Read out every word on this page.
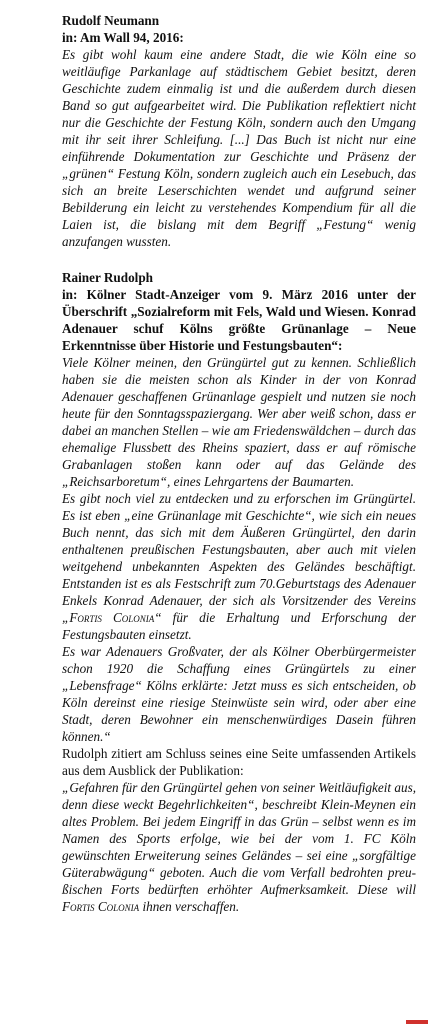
Rudolf Neumann
in: Am Wall 94, 2016:

Es gibt wohl kaum eine andere Stadt, die wie Köln eine so weitläufige Parkanlage auf städtischem Gebiet besitzt, deren Geschichte zudem einmalig ist und die außerdem durch diesen Band so gut aufgearbeitet wird. Die Publikation reflektiert nicht nur die Geschichte der Festung Köln, sondern auch den Umgang mit ihr seit ihrer Schleifung. [...] Das Buch ist nicht nur eine einführende Dokumentation zur Geschichte und Präsenz der „grünen“ Festung Köln, sondern zugleich auch ein Lesebuch, das sich an breite Leserschichten wendet und aufgrund seiner Bebilderung ein leicht zu verstehendes Kompendium für all die Laien ist, die bislang mit dem Begriff „Festung“ wenig anzufangen wussten.

Rainer Rudolph

in: Kölner Stadt-Anzeiger vom 9. März 2016 unter der Überschrift „Sozialreform mit Fels, Wald und Wiesen. Konrad Adenauer schuf Kölns größte Grünanlage – Neue Erkenntnisse über Historie und Festungsbauten“:

Viele Kölner meinen, den Grüngürtel gut zu kennen. Schließlich haben sie die meisten schon als Kinder in der von Konrad Adenauer geschaffenen Grünanlage gespielt und nutzen sie noch heute für den Sonntagsspaziergang. Wer aber weiß schon, dass er dabei an manchen Stellen – wie am Friedenswäldchen – durch das ehemalige Flussbett des Rheins spaziert, dass er auf römische Grabanlagen stoßen kann oder auf das Gelände des „Reichsarboretum“, eines Lehrgartens der Baumarten.

Es gibt noch viel zu entdecken und zu erforschen im Grüngürtel. Es ist eben „eine Grünanlage mit Geschichte“, wie sich ein neues Buch nennt, das sich mit dem Äußeren Grüngürtel, den darin enthaltenen preußischen Festungsbauten, aber auch mit vielen weitgehend unbekannten Aspekten des Geländes beschäftigt. Entstanden ist es als Festschrift zum 70.Geburtstags des Adenauer Enkels Konrad Adenauer, der sich als Vorsitzender des Vereins „Fortis Colonia“ für die Erhaltung und Erforschung der Festungsbauten einsetzt.

Es war Adenauers Großvater, der als Kölner Oberbürgermeister schon 1920 die Schaffung eines Grüngürtels zu einer „Lebensfrage“ Kölns erklärte: Jetzt muss es sich entscheiden, ob Köln dereinst eine riesige Steinwüste sein wird, oder aber eine Stadt, deren Bewohner ein menschenwürdiges Dasein führen können.“

Rudolph zitiert am Schluss seines eine Seite umfassenden Artikels aus dem Ausblick der Publikation:

„Gefahren für den Grüngürtel gehen von seiner Weitläufigkeit aus, denn diese weckt Begehrlichkeiten“, beschreibt Klein-Meynen ein altes Problem. Bei jedem Eingriff in das Grün – selbst wenn es im Namen des Sports erfolge, wie bei der vom 1. FC Köln gewünschten Erweiterung seines Geländes – sei eine „sorgfältige Güterabwägung“ geboten. Auch die vom Verfall bedrohten preußischen Forts bedürften erhöhter Aufmerksamkeit. Diese will Fortis Colonia ihnen verschaffen.
